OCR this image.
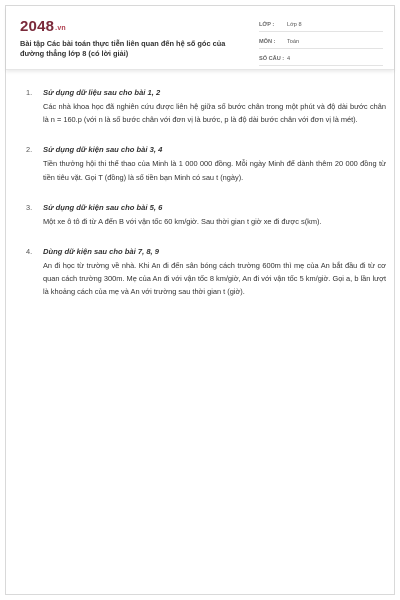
2048.vn
Bài tập Các bài toán thực tiễn liên quan đến hệ số góc của đường thẳng lớp 8 (có lời giải)
LỚP :	Lớp 8
MÔN :	Toán
SỐ CÂU : 4
1. Sử dụng dữ liệu sau cho bài 1, 2
Các nhà khoa học đã nghiên cứu được liên hệ giữa số bước chân trong một phút và độ dài bước chân là n = 160.p (với n là số bước chân với đơn vị là bước, p là độ dài bước chân với đơn vị là mét).
2. Sử dụng dữ kiện sau cho bài 3, 4
Tiền thưởng hội thi thể thao của Minh là 1 000 000 đồng. Mỗi ngày Minh để dành thêm 20 000 đồng từ tiền tiêu vặt. Gọi T (đồng) là số tiền bạn Minh có sau t (ngày).
3. Sử dụng dữ kiện sau cho bài 5, 6
Một xe ô tô đi từ A đến B với vận tốc 60 km/giờ. Sau thời gian t giờ xe đi được s(km).
4. Dùng dữ kiện sau cho bài 7, 8, 9
An đi học từ trường về nhà. Khi An đi đến sân bóng cách trường 600m thì mẹ của An bắt đầu đi từ cơ quan cách trường 300m. Mẹ của An đi với vận tốc 8 km/giờ, An đi với vận tốc 5 km/giờ. Gọi a, b lần lượt là khoảng cách của mẹ và An với trường sau thời gian t (giờ).
